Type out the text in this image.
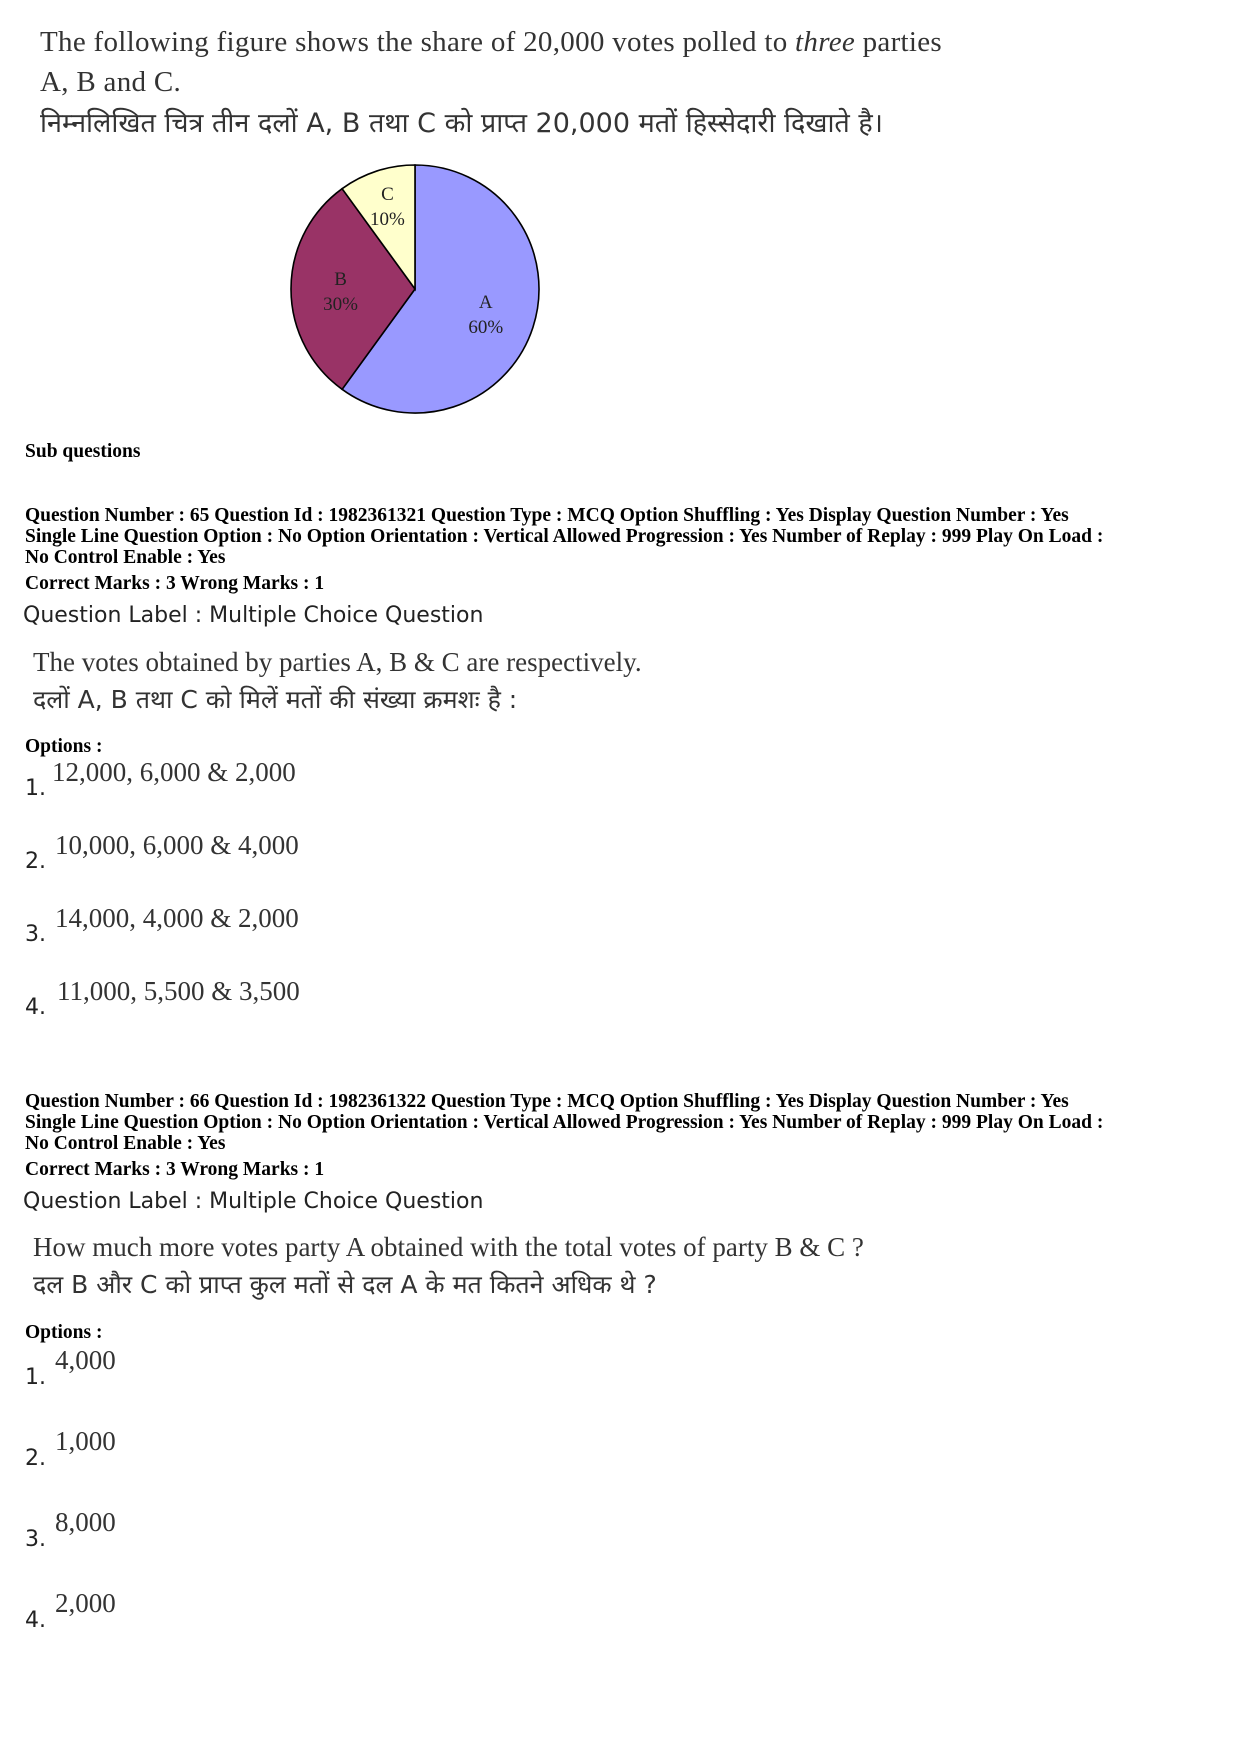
The following figure shows the share of 20,000 votes polled to three parties
A, B and C.
निम्नलिखित चित्र तीन दलों A, B तथा C को प्राप्त 20,000 मतों हिस्सेदारी दिखाते है।
A
60%
B
30%
C
10%
Sub questions
Question Number : 65 Question Id : 1982361321 Question Type : MCQ Option Shuffling : Yes Display Question Number : Yes
Single Line Question Option : No Option Orientation : Vertical Allowed Progression : Yes Number of Replay : 999 Play On Load :
No Control Enable : Yes
Correct Marks : 3 Wrong Marks : 1
Question Label : Multiple Choice Question
The votes obtained by parties A, B & C are respectively.
दलों A, B तथा C को मिलें मतों की संख्या क्रमशः है :
Options :
1.
12,000, 6,000 & 2,000
2.
10,000, 6,000 & 4,000
3.
14,000, 4,000 & 2,000
4.
11,000, 5,500 & 3,500
Question Number : 66 Question Id : 1982361322 Question Type : MCQ Option Shuffling : Yes Display Question Number : Yes
Single Line Question Option : No Option Orientation : Vertical Allowed Progression : Yes Number of Replay : 999 Play On Load :
No Control Enable : Yes
Correct Marks : 3 Wrong Marks : 1
Question Label : Multiple Choice Question
How much more votes party A obtained with the total votes of party B & C ?
दल B और C को प्राप्त कुल मतों से दल A के मत कितने अधिक थे ?
Options :
1.
4,000
2.
1,000
3.
8,000
4.
2,000
